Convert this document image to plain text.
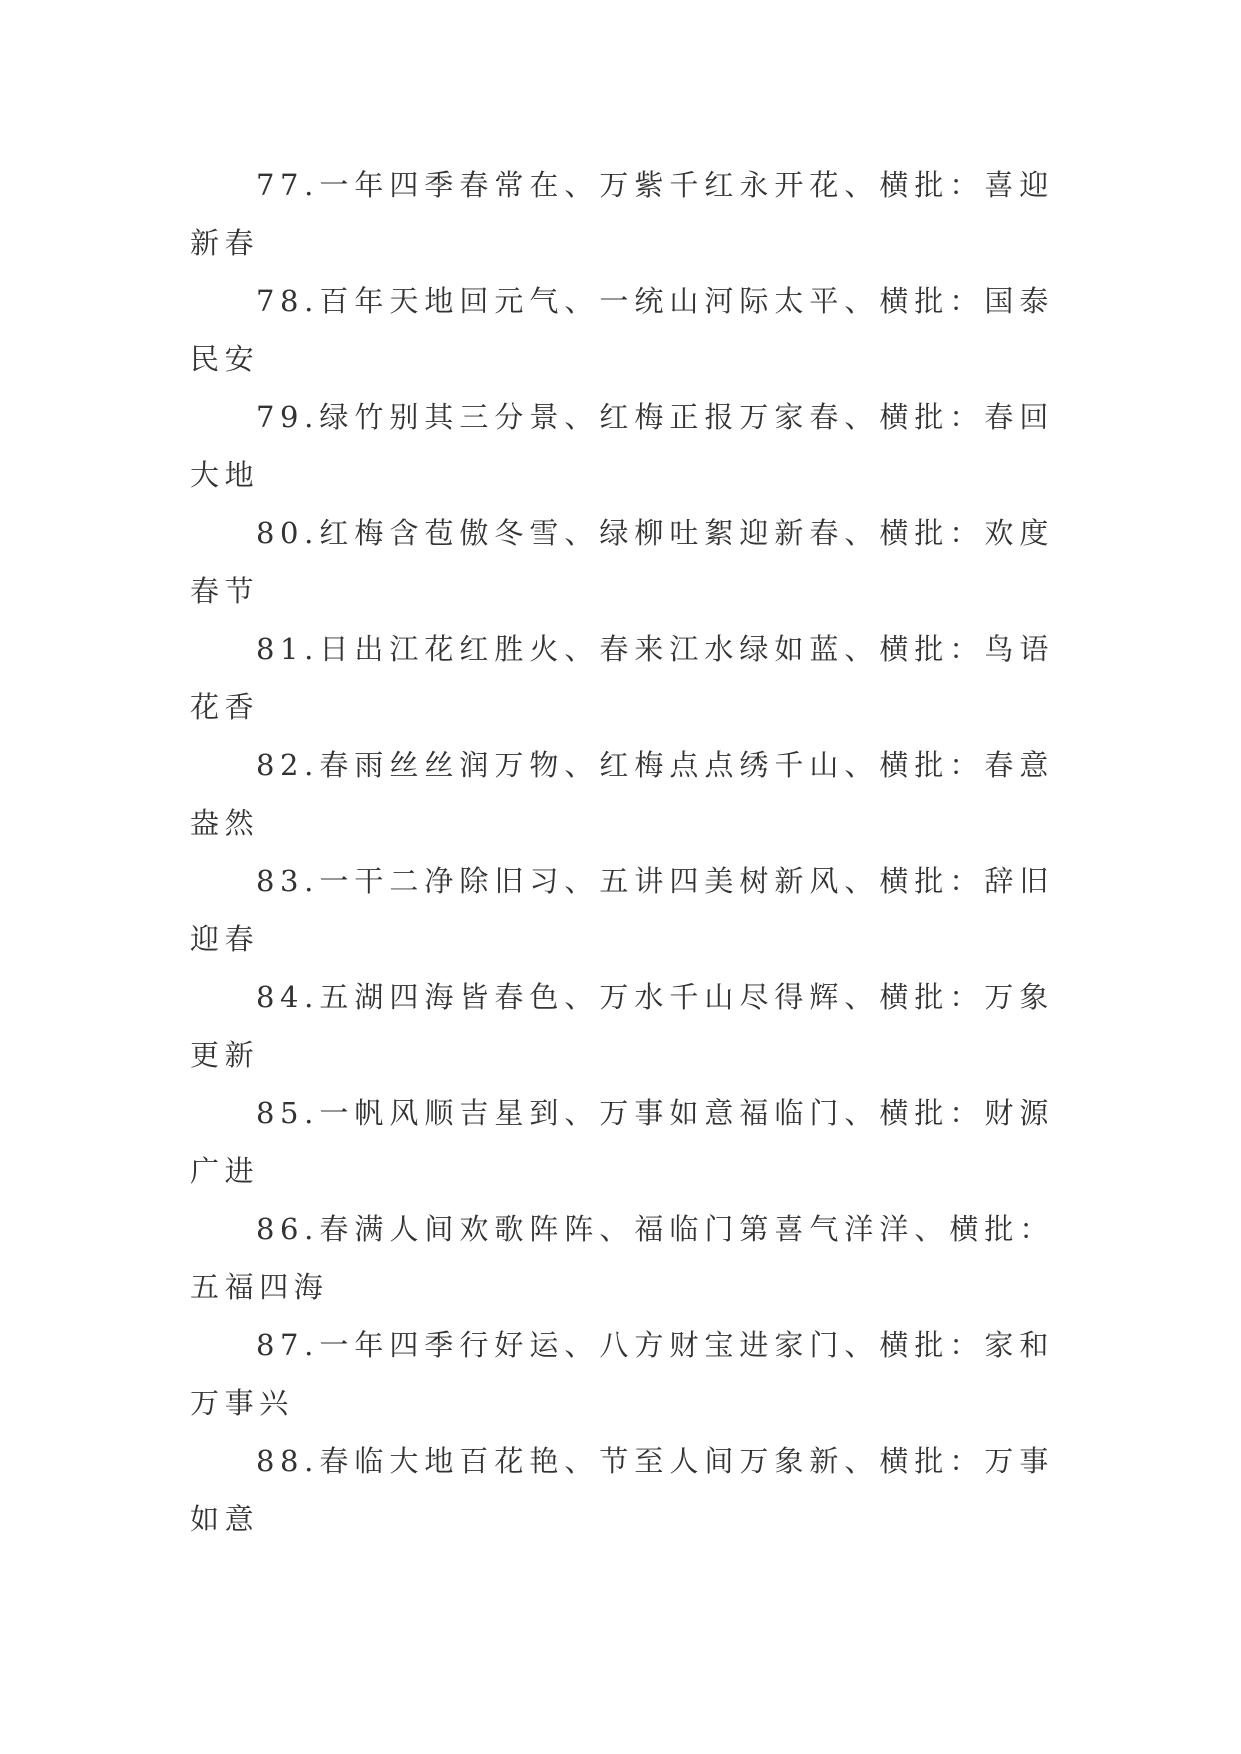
77.一年四季春常在、万紫千红永开花、横批：喜迎新春

78.百年天地回元气、一统山河际太平、横批：国泰民安

79.绿竹别其三分景、红梅正报万家春、横批：春回大地

80.红梅含苞傲冬雪、绿柳吐絮迎新春、横批：欢度春节

81.日出江花红胜火、春来江水绿如蓝、横批：鸟语花香

82.春雨丝丝润万物、红梅点点绣千山、横批：春意盎然

83.一干二净除旧习、五讲四美树新风、横批：辞旧迎春

84.五湖四海皆春色、万水千山尽得辉、横批：万象更新

85.一帆风顺吉星到、万事如意福临门、横批：财源广进

86.春满人间欢歌阵阵、福临门第喜气洋洋、横批：五福四海

87.一年四季行好运、八方财宝进家门、横批：家和万事兴

88.春临大地百花艳、节至人间万象新、横批：万事如意
